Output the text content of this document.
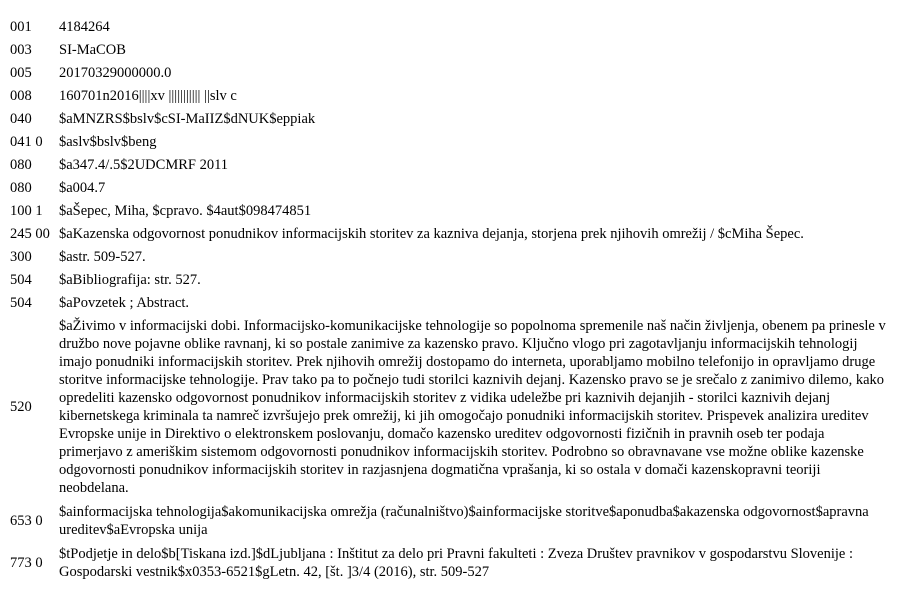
001	4184264
003	SI-MaCOB
005	20170329000000.0
008	160701n2016||||xv ||||||||||| ||slv c
040	$aMNZRS$bslv$cSI-MaIIZ$dNUK$eppiak
041 0	$aslv$bslv$beng
080	$a347.4/.5$2UDCMRF 2011
080	$a004.7
100 1	$aŠepec, Miha, $cpravo. $4aut$098474851
245 00	$aKazenska odgovornost ponudnikov informacijskih storitev za kazniva dejanja, storjena prek njihovih omrežij / $cMiha Šepec.
300	$astr. 509-527.
504	$aBibliografija: str. 527.
504	$aPovzetek ; Abstract.
520	$aŽivimo v informacijski dobi. Informacijsko-komunikacijske tehnologije so popolnoma spremenile naš način življenja, obenem pa prinesle v družbo nove pojavne oblike ravnanj, ki so postale zanimive za kazensko pravo. Ključno vlogo pri zagotavljanju informacijskih tehnologij imajo ponudniki informacijskih storitev. Prek njihovih omrežij dostopamo do interneta, uporabljamo mobilno telefonijo in opravljamo druge storitve informacijske tehnologije. Prav tako pa to počnejo tudi storilci kaznivih dejanj. Kazensko pravo se je srečalo z zanimivo dilemo, kako opredeliti kazensko odgovornost ponudnikov informacijskih storitev z vidika udeležbe pri kaznivih dejanjih - storilci kaznivih dejanj kibernetskega kriminala ta namreč izvršujejo prek omrežij, ki jih omogočajo ponudniki informacijskih storitev. Prispevek analizira ureditev Evropske unije in Direktivo o elektronskem poslovanju, domačo kazensko ureditev odgovornosti fizičnih in pravnih oseb ter podaja primerjavo z ameriškim sistemom odgovornosti ponudnikov informacijskih storitev. Podrobno so obravnavane vse možne oblike kazenske odgovornosti ponudnikov informacijskih storitev in razjasnjena dogmatična vprašanja, ki so ostala v domači kazenskopravni teoriji neobdelana.
653 0	$ainformacijska tehnologija$akomunikacijska omrežja (računalništvo)$ainformacijske storitve$aponudba$akazenska odgovornost$apravna ureditev$aEvropska unija
773 0	$tPodjetje in delo$b[Tiskana izd.]$dLjubljana : Inštitut za delo pri Pravni fakulteti : Zveza Društev pravnikov v gospodarstvu Slovenije : Gospodarski vestnik$x0353-6521$gLetn. 42, [št. ]3/4 (2016), str. 509-527
